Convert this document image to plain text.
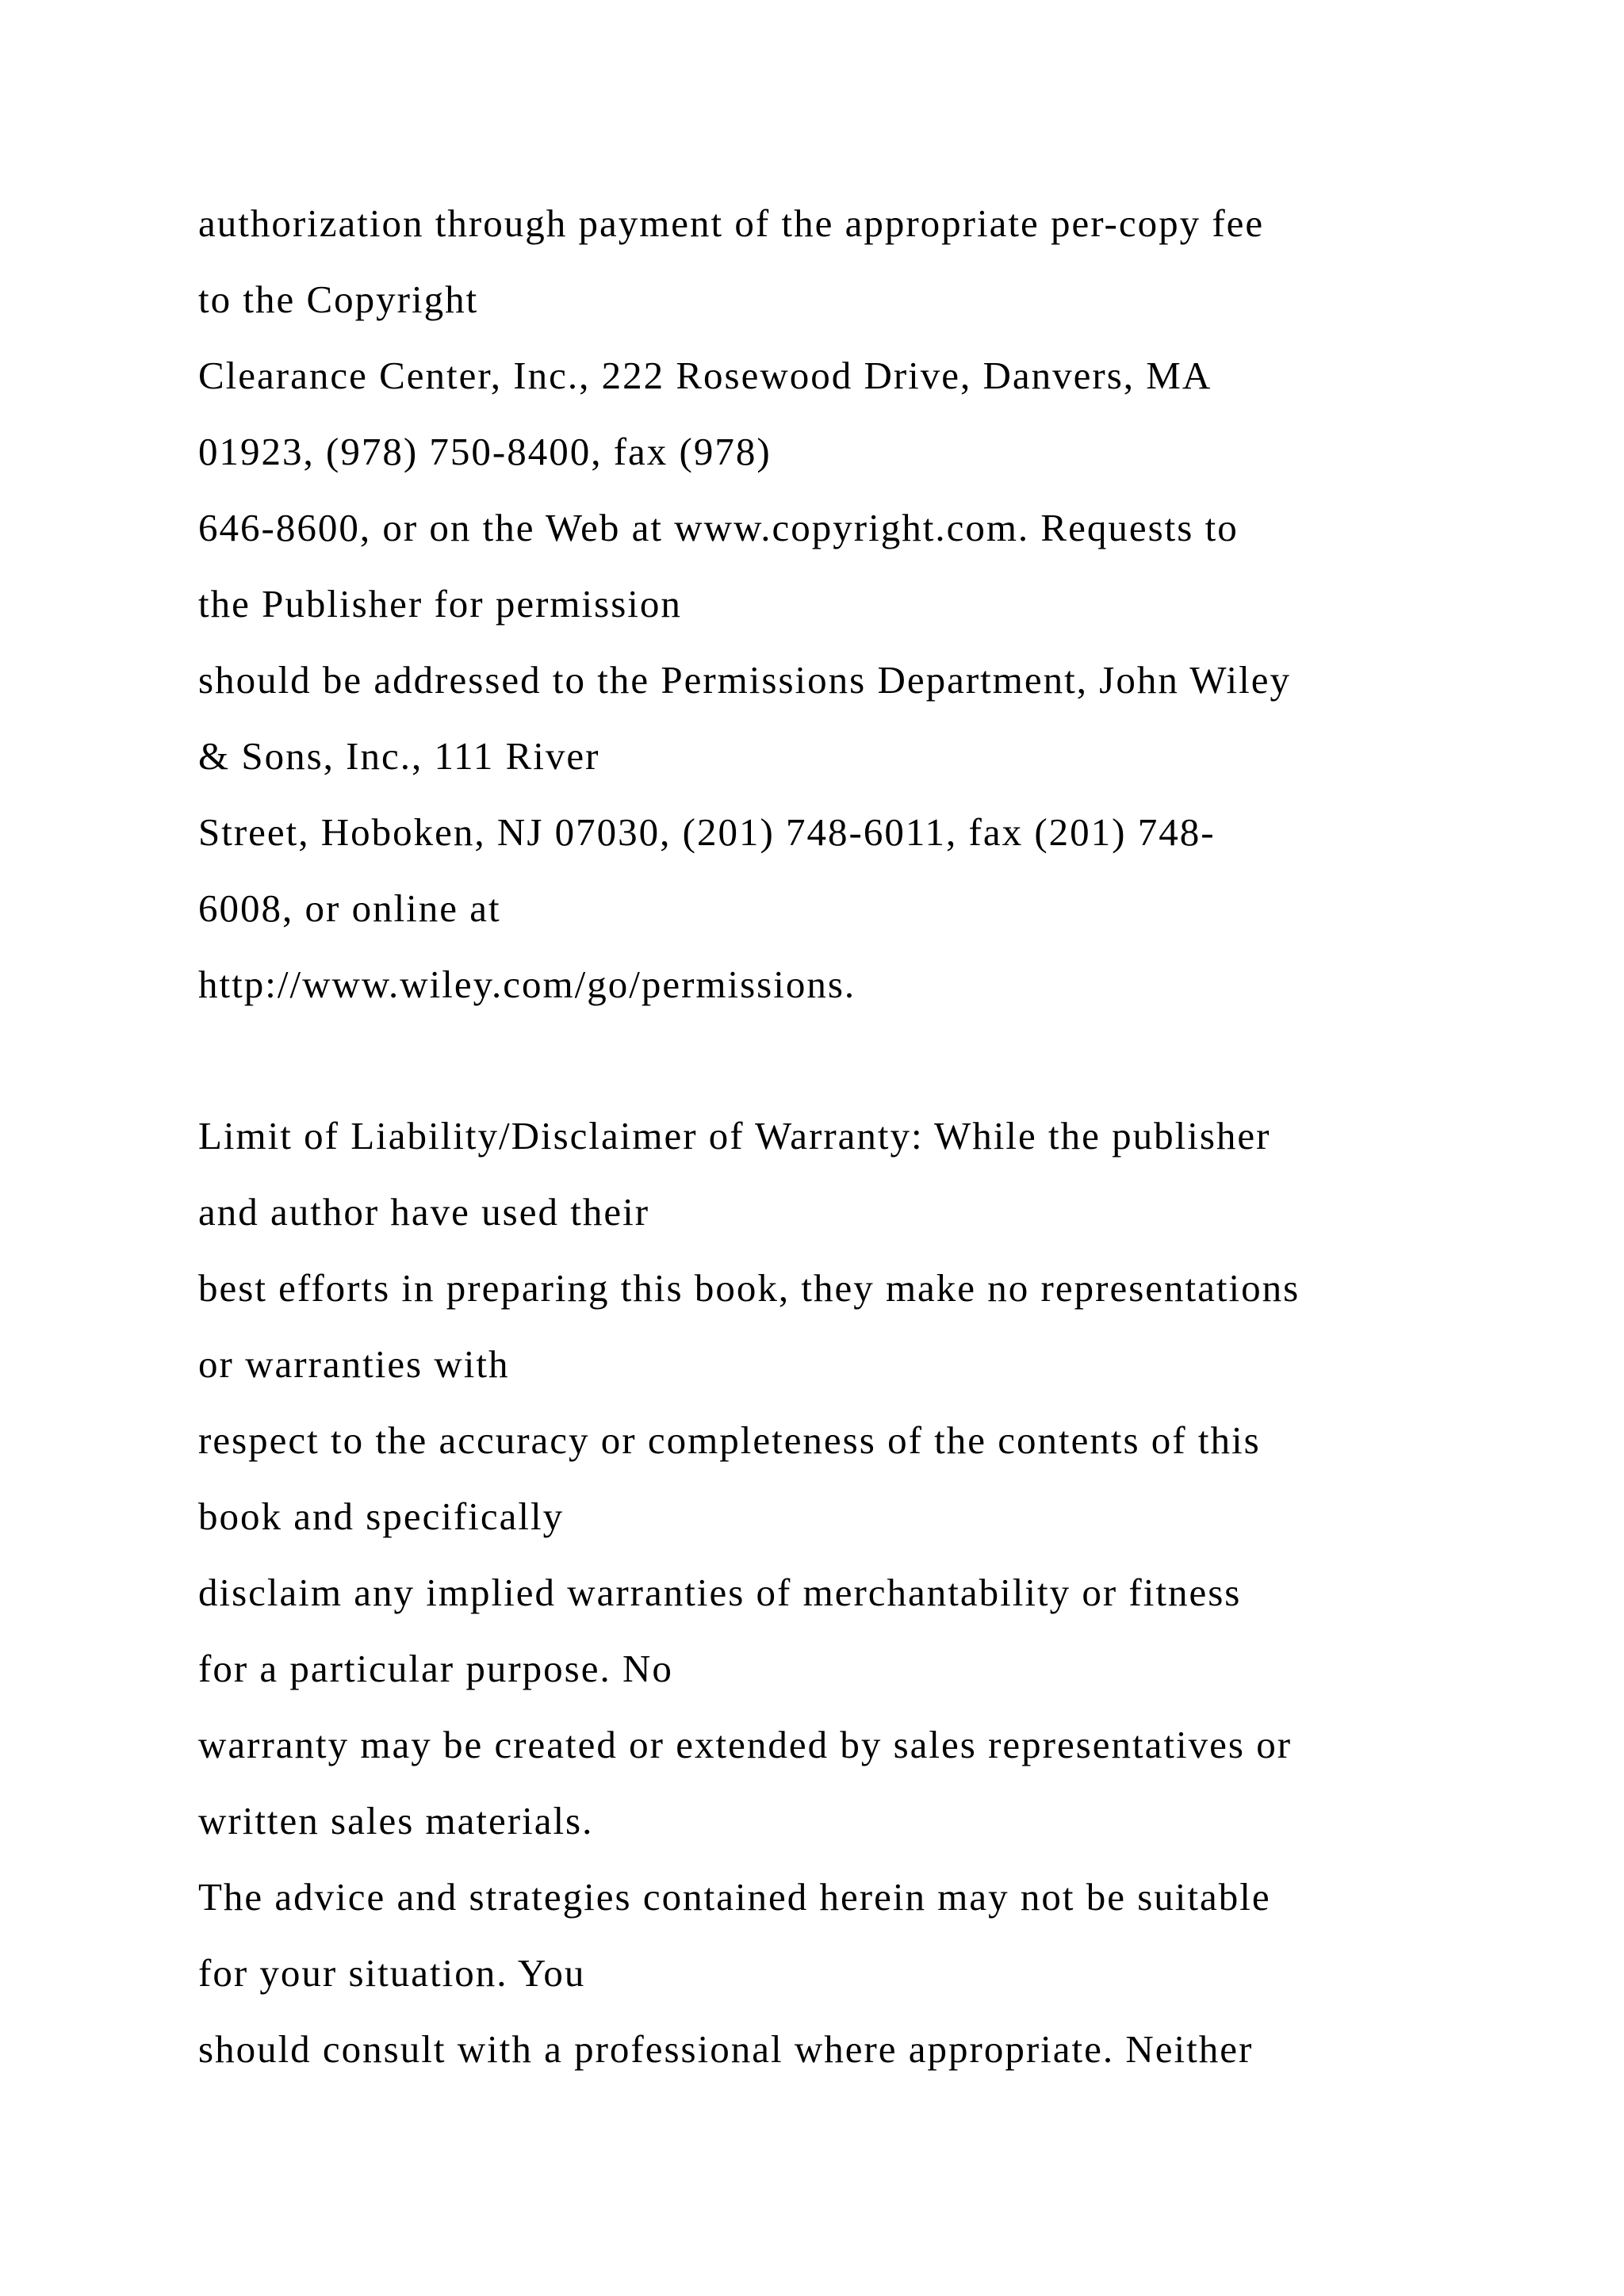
authorization through payment of the appropriate per-copy fee
to the Copyright
Clearance Center, Inc., 222 Rosewood Drive, Danvers, MA
01923, (978) 750-8400, fax (978)
646-8600, or on the Web at www.copyright.com. Requests to
the Publisher for permission
should be addressed to the Permissions Department, John Wiley
& Sons, Inc., 111 River
Street, Hoboken, NJ 07030, (201) 748-6011, fax (201) 748-
6008, or online at
http://www.wiley.com/go/permissions.
Limit of Liability/Disclaimer of Warranty: While the publisher
and author have used their
best efforts in preparing this book, they make no representations
or warranties with
respect to the accuracy or completeness of the contents of this
book and specifically
disclaim any implied warranties of merchantability or fitness
for a particular purpose. No
warranty may be created or extended by sales representatives or
written sales materials.
The advice and strategies contained herein may not be suitable
for your situation. You
should consult with a professional where appropriate. Neither
